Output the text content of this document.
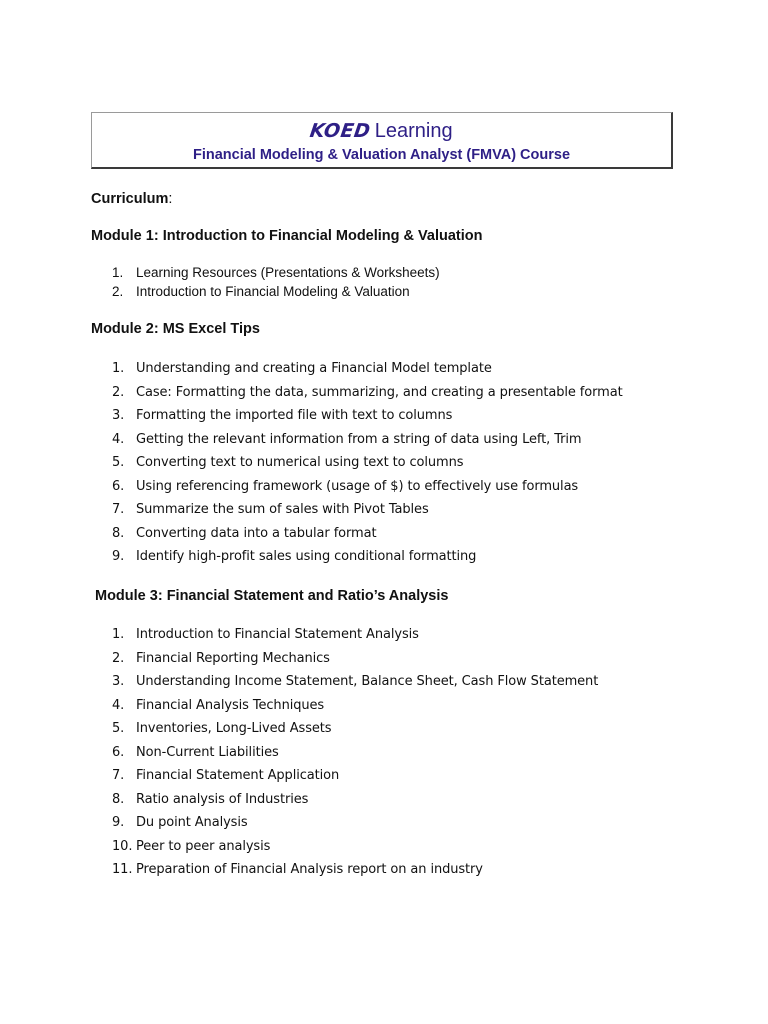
KOED Learning
Financial Modeling & Valuation Analyst (FMVA) Course
Curriculum:
Module 1: Introduction to Financial Modeling & Valuation
1. Learning Resources (Presentations & Worksheets)
2. Introduction to Financial Modeling & Valuation
Module 2: MS Excel Tips
1. Understanding and creating a Financial Model template
2. Case: Formatting the data, summarizing, and creating a presentable format
3. Formatting the imported file with text to columns
4. Getting the relevant information from a string of data using Left, Trim
5. Converting text to numerical using text to columns
6. Using referencing framework (usage of $) to effectively use formulas
7. Summarize the sum of sales with Pivot Tables
8. Converting data into a tabular format
9. Identify high-profit sales using conditional formatting
Module 3: Financial Statement and Ratio’s Analysis
1. Introduction to Financial Statement Analysis
2. Financial Reporting Mechanics
3. Understanding Income Statement, Balance Sheet, Cash Flow Statement
4. Financial Analysis Techniques
5. Inventories, Long-Lived Assets
6. Non-Current Liabilities
7. Financial Statement Application
8. Ratio analysis of Industries
9. Du point Analysis
10. Peer to peer analysis
11. Preparation of Financial Analysis report on an industry
